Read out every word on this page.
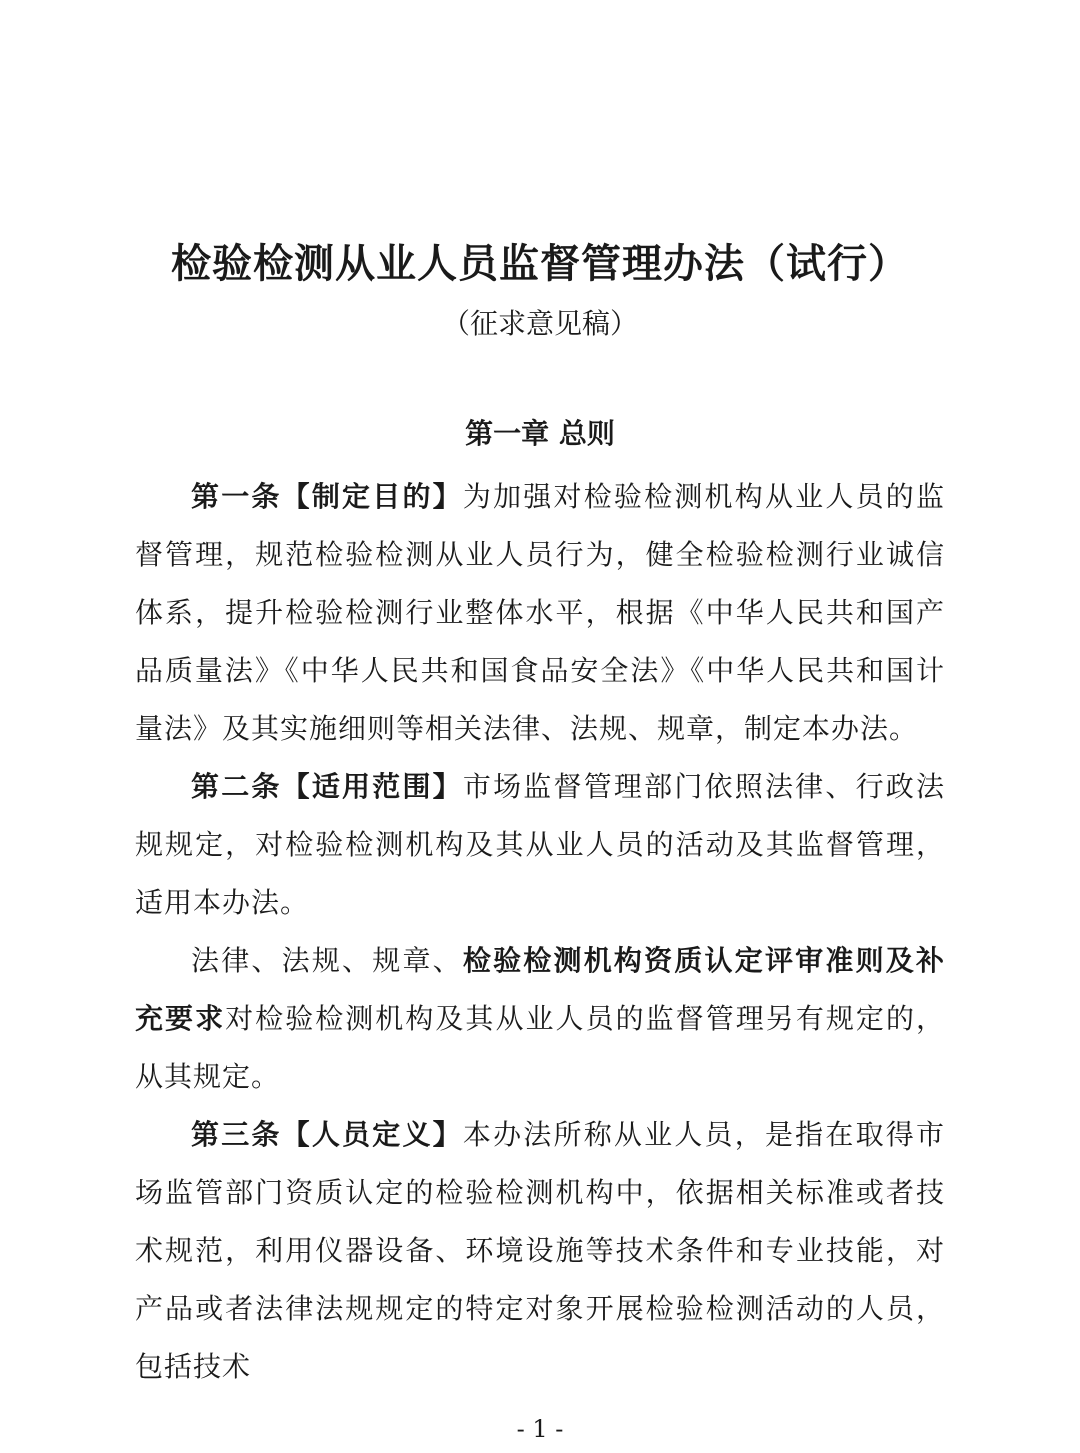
检验检测从业人员监督管理办法（试行）
（征求意见稿）
第一章 总则

第一条【制定目的】为加强对检验检测机构从业人员的监督管理，规范检验检测从业人员行为，健全检验检测行业诚信体系，提升检验检测行业整体水平，根据《中华人民共和国产品质量法》《中华人民共和国食品安全法》《中华人民共和国计量法》及其实施细则等相关法律、法规、规章，制定本办法。

第二条【适用范围】市场监督管理部门依照法律、行政法规规定，对检验检测机构及其从业人员的活动及其监督管理，适用本办法。

法律、法规、规章、检验检测机构资质认定评审准则及补充要求对检验检测机构及其从业人员的监督管理另有规定的，从其规定。

第三条【人员定义】本办法所称从业人员，是指在取得市场监管部门资质认定的检验检测机构中，依据相关标准或者技术规范，利用仪器设备、环境设施等技术条件和专业技能，对产品或者法律法规规定的特定对象开展检验检测活动的人员，包括技术

- 1 -
